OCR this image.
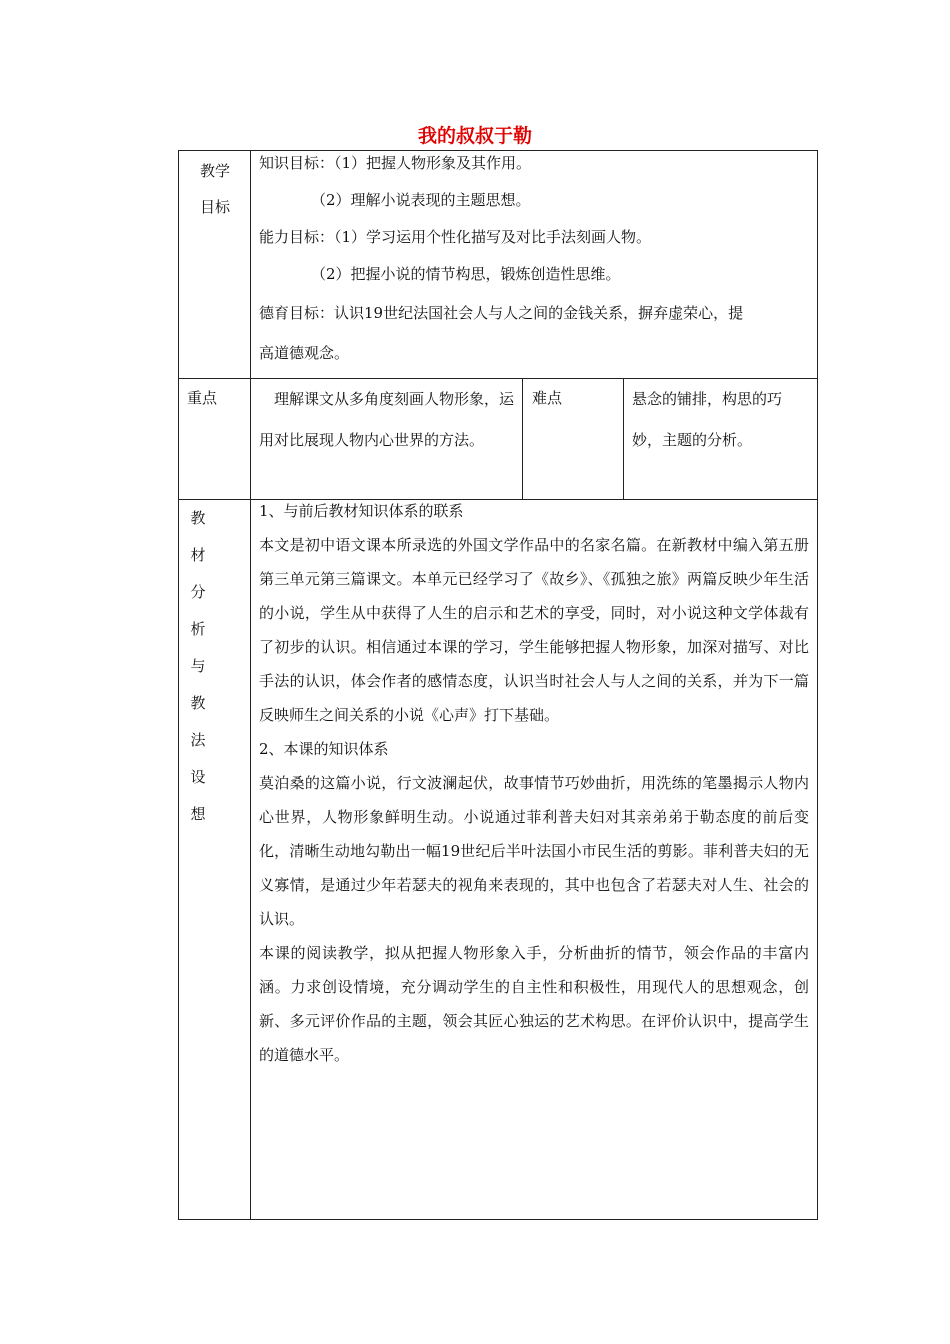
我的叔叔于勒
教学
目标

知识目标：（1）把握人物形象及其作用。

（2）理解小说表现的主题思想。

能力目标：（1）学习运用个性化描写及对比手法刻画人物。

（2）把握小说的情节构思，锻炼创造性思维。

德育目标：认识19世纪法国社会人与人之间的金钱关系，摒弃虚荣心，提

高道德观念。

重点	理解课文从多角度刻画人物形象，运用对比展现人物内心世界的方法。
难点	悬念的铺排，构思的巧妙，主题的分析。
教
材
分
析
与
教
法
设
想

1、与前后教材知识体系的联系

本文是初中语文课本所录选的外国文学作品中的名家名篇。在新教材中编入第五册第三单元第三篇课文。本单元已经学习了《故乡》、《孤独之旅》两篇反映少年生活的小说，学生从中获得了人生的启示和艺术的享受，同时，对小说这种文学体裁有了初步的认识。相信通过本课的学习，学生能够把握人物形象，加深对描写、对比手法的认识，体会作者的感情态度，认识当时社会人与人之间的关系，并为下一篇反映师生之间关系的小说《心声》打下基础。

2、本课的知识体系

莫泊桑的这篇小说，行文波澜起伏，故事情节巧妙曲折，用洗练的笔墨揭示人物内心世界，人物形象鲜明生动。小说通过菲利普夫妇对其亲弟弟于勒态度的前后变化，清晰生动地勾勒出一幅19世纪后半叶法国小市民生活的剪影。菲利普夫妇的无义寡情，是通过少年若瑟夫的视角来表现的，其中也包含了若瑟夫对人生、社会的认识。

本课的阅读教学，拟从把握人物形象入手，分析曲折的情节，领会作品的丰富内涵。力求创设情境，充分调动学生的自主性和积极性，用现代人的思想观念，创新、多元评价作品的主题，领会其匠心独运的艺术构思。在评价认识中，提高学生的道德水平。
